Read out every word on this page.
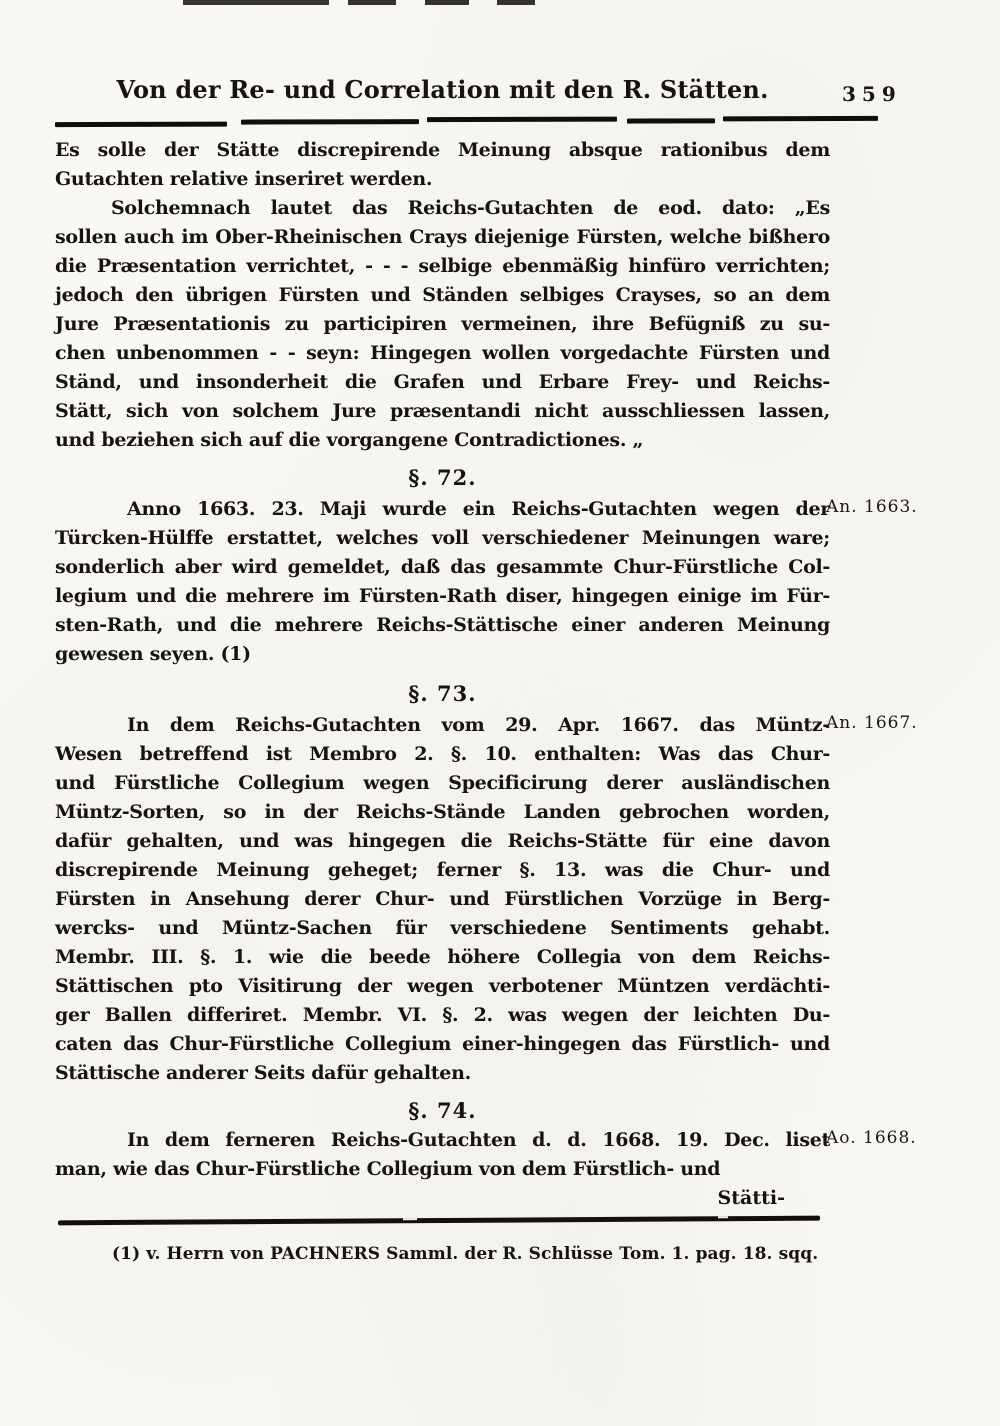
Von der Re- und Correlation mit den R. Stätten.	359
Es solle der Stätte discrepirende Meinung absque rationibus dem
Gutachten relative inseriret werden.
Solchemnach lautet das Reichs-Gutachten de eod. dato: „Es
sollen auch im Ober-Rheinischen Crays diejenige Fürsten, welche bißhero
die Præsentation verrichtet, - - - selbige ebenmäßig hinfüro verrichten;
jedoch den übrigen Fürsten und Ständen selbiges Crayses, so an dem
Jure Præsentationis zu participiren vermeinen, ihre Befügniß zu su-
chen unbenommen - - seyn: Hingegen wollen vorgedachte Fürsten und
Ständ, und insonderheit die Grafen und Erbare Frey- und Reichs-
Stätt, sich von solchem Jure præsentandi nicht ausschliessen lassen,
und beziehen sich auf die vorgangene Contradictiones. „
§. 72.
An. 1663.
Anno 1663. 23. Maji wurde ein Reichs-Gutachten wegen der
Türcken-Hülffe erstattet, welches voll verschiedener Meinungen ware;
sonderlich aber wird gemeldet, daß das gesammte Chur-Fürstliche Col-
legium und die mehrere im Fürsten-Rath diser, hingegen einige im Für-
sten-Rath, und die mehrere Reichs-Stättische einer anderen Meinung
gewesen seyen. (1)
§. 73.
An. 1667.
In dem Reichs-Gutachten vom 29. Apr. 1667. das Müntz-
Wesen betreffend ist Membro 2. §. 10. enthalten: Was das Chur-
und Fürstliche Collegium wegen Specificirung derer ausländischen
Müntz-Sorten, so in der Reichs-Stände Landen gebrochen worden,
dafür gehalten, und was hingegen die Reichs-Stätte für eine davon
discrepirende Meinung geheget; ferner §. 13. was die Chur- und
Fürsten in Ansehung derer Chur- und Fürstlichen Vorzüge in Berg-
wercks- und Müntz-Sachen für verschiedene Sentiments gehabt.
Membr. III. §. 1. wie die beede höhere Collegia von dem Reichs-
Stättischen pto Visitirung der wegen verbotener Müntzen verdächti-
ger Ballen differiret. Membr. VI. §. 2. was wegen der leichten Du-
caten das Chur-Fürstliche Collegium einer-hingegen das Fürstlich- und
Stättische anderer Seits dafür gehalten.
§. 74.
Ao. 1668.
In dem ferneren Reichs-Gutachten d. d. 1668. 19. Dec. liset
man, wie das Chur-Fürstliche Collegium von dem Fürstlich- und
Stätti-
(1) v. Herrn von PACHNERS Samml. der R. Schlüsse Tom. 1. pag. 18. sqq.
